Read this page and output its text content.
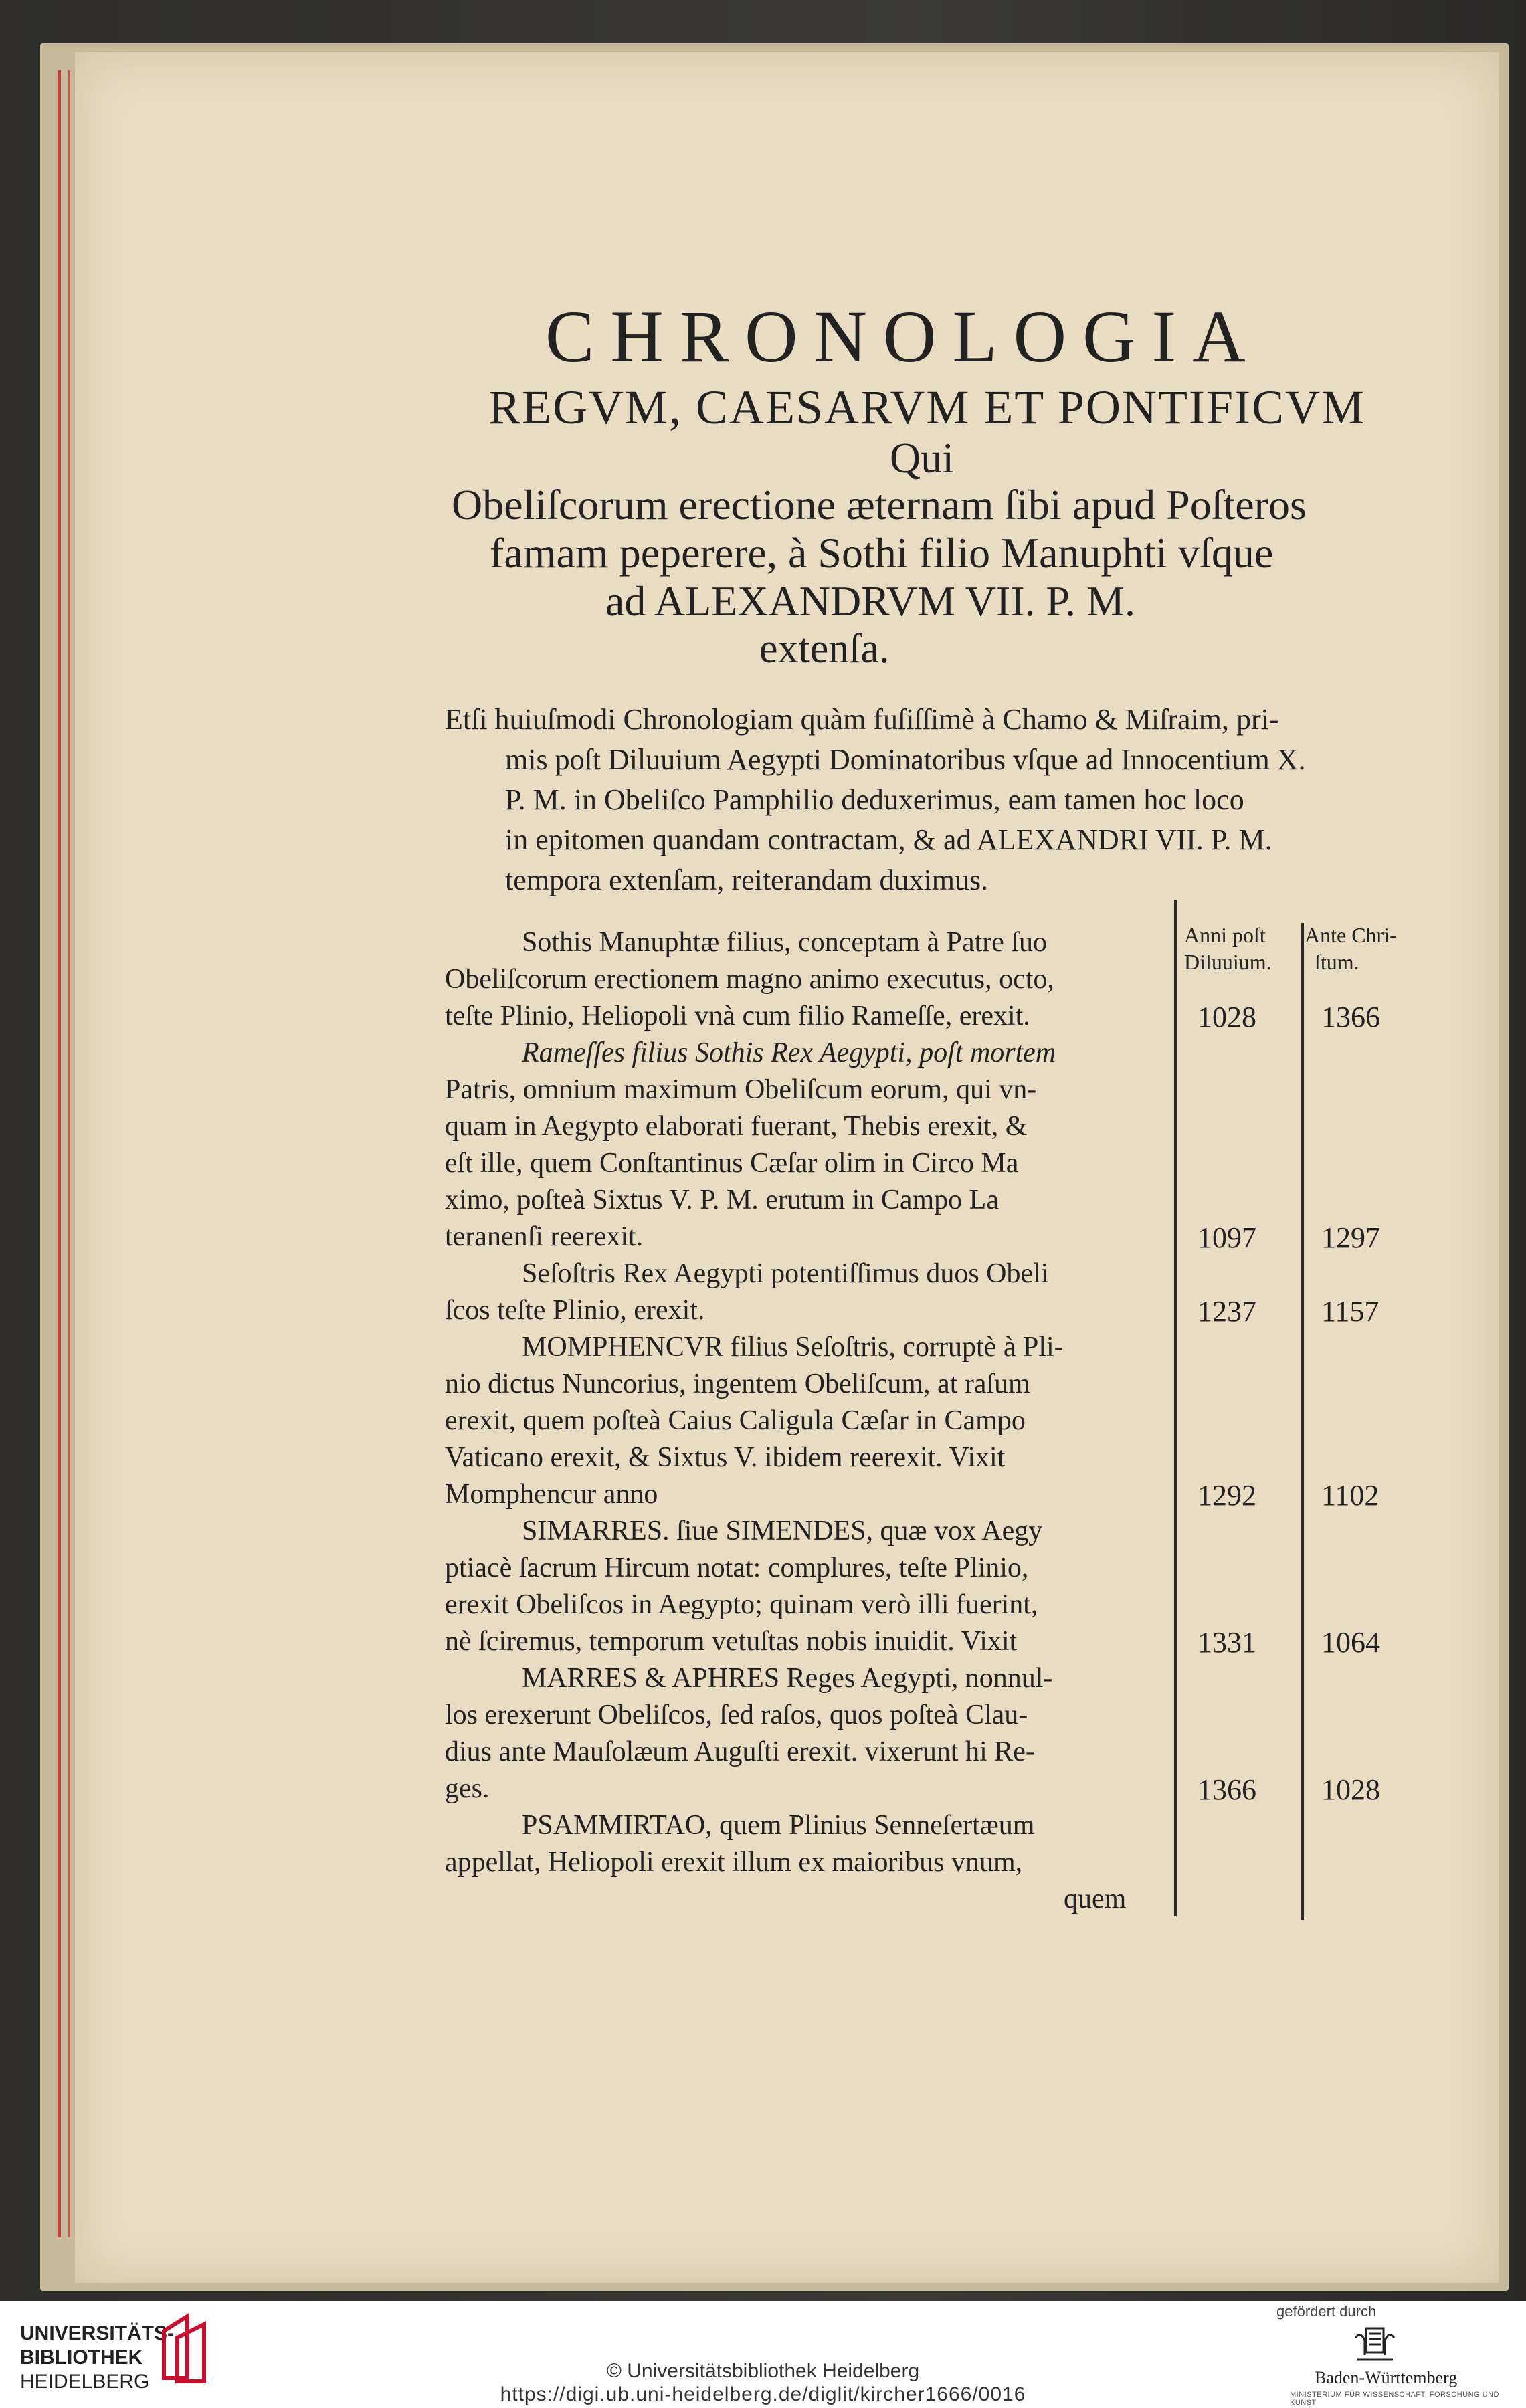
CHRONOLOGIA
REGVM, CAESARVM ET PONTIFICVM
Qui
Obeliſcorum erectione æternam ſibi apud Poſteros
famam peperere, à Sothi filio Manuphti vſque
ad ALEXANDRVM VII. P. M.
extenſa.
Etſi huiuſmodi Chronologiam quàm fuſiſſimè à Chamo & Miſraim, pri-
mis poſt Diluuium Aegypti Dominatoribus vſque ad Innocentium X.
P. M. in Obeliſco Pamphilio deduxerimus, eam tamen hoc loco
in epitomen quandam contractam, & ad ALEXANDRI VII. P. M.
tempora extenſam, reiterandam duximus.
Anni poſt
Diluuium.
Ante Chri-
ſtum.
Sothis Manuphtæ filius, conceptam à Patre ſuo
Obeliſcorum erectionem magno animo executus, octo,
teſte Plinio, Heliopoli vnà cum filio Rameſſe, erexit.
Rameſſes filius Sothis Rex Aegypti, poſt mortem
Patris, omnium maximum Obeliſcum eorum, qui vn-
quam in Aegypto elaborati fuerant, Thebis erexit, &
eſt ille, quem Conſtantinus Cæſar olim in Circo Ma
ximo, poſteà Sixtus V. P. M. erutum in Campo La
teranenſi reerexit.
Seſoſtris Rex Aegypti potentiſſimus duos Obeli
ſcos teſte Plinio, erexit.
MOMPHENCVR filius Seſoſtris, corruptè à Pli-
nio dictus Nuncorius, ingentem Obeliſcum, at raſum
erexit, quem poſteà Caius Caligula Cæſar in Campo
Vaticano erexit, & Sixtus V. ibidem reerexit. Vixit
Momphencur anno
SIMARRES. ſiue SIMENDES, quæ vox Aegy
ptiacè ſacrum Hircum notat: complures, teſte Plinio,
erexit Obeliſcos in Aegypto; quinam verò illi fuerint,
nè ſciremus, temporum vetuſtas nobis inuidit. Vixit
MARRES & APHRES Reges Aegypti, nonnul-
los erexerunt Obeliſcos, ſed raſos, quos poſteà Clau-
dius ante Mauſolæum Auguſti erexit. vixerunt hi Re-
ges.
PSAMMIRTAO, quem Plinius Senneſertæum
appellat, Heliopoli erexit illum ex maioribus vnum,
quem
1028 1366
1097 1297
1237 1157
1292 1102
1331 1064
1366 1028
UNIVERSITÄTS-
BIBLIOTHEK
HEIDELBERG	© Universitätsbibliothek Heidelberg
https://digi.ub.uni-heidelberg.de/diglit/kircher1666/0016
gefördert durch
Baden-Württemberg
MINISTERIUM FÜR WISSENSCHAFT, FORSCHUNG UND KUNST
